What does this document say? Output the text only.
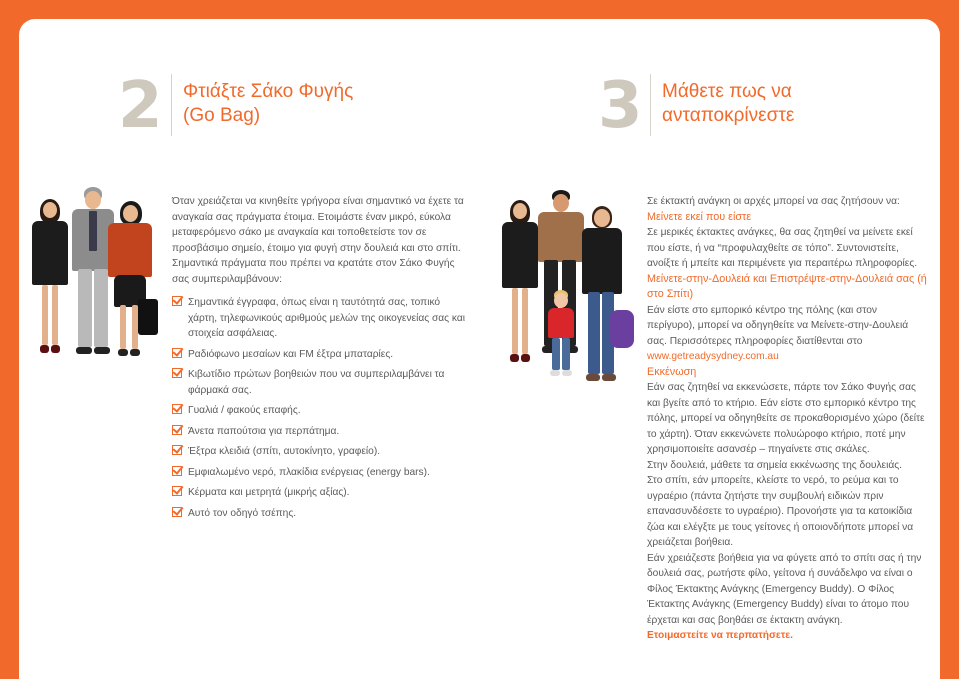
2 Φτιάξτε Σάκο Φυγής
(Go Bag)

Όταν χρειάζεται να κινηθείτε γρήγορα είναι σημαντικό να έχετε τα αναγκαία σας πράγματα έτοιμα. Ετοιμάστε έναν μικρό, εύκολα μεταφερόμενο σάκο με αναγκαία και τοποθετείστε τον σε προσβάσιμο σημείο, έτοιμο για φυγή στην δουλειά και στο σπίτι. Σημαντικά πράγματα που πρέπει να κρατάτε στον Σάκο Φυγής σας συμπεριλαμβάνουν:

Σημαντικά έγγραφα, όπως είναι η ταυτότητά σας, τοπικό χάρτη, τηλεφωνικούς αριθμούς μελών της οικογενείας σας και στοιχεία ασφάλειας.
Ραδιόφωνο μεσαίων και FM έξτρα μπαταρίες.
Κιβωτίδιο πρώτων βοηθειών που να συμπεριλαμβάνει τα φάρμακά σας.
Γυαλιά / φακούς επαφής.
Άνετα παπούτσια για περπάτημα.
Έξτρα κλειδιά (σπίτι, αυτοκίνητο, γραφείο).
Εμφιαλωμένο νερό, πλακίδια ενέργειας (energy bars).
Κέρματα και μετρητά (μικρής αξίας).
Αυτό τον οδηγό τσέπης.
3 Μάθετε πως να
ανταποκρίνεστε

Σε έκτακτή ανάγκη οι αρχές μπορεί να σας ζητήσουν να:

Μείνετε εκεί που είστε

Σε μερικές έκτακτες ανάγκες, θα σας ζητηθεί να μείνετε εκεί που είστε, ή να “προφυλαχθείτε σε τόπο”. Συντονιστείτε, ανοίξτε ή μπείτε και περιμένετε για περαιτέρω πληροφορίες.

Μείνετε-στην-Δουλειά και Επιστρέψτε-στην-Δουλειά σας (ή στο Σπίτι)

Εάν είστε στο εμπορικό κέντρο της πόλης (και στον περίγυρο), μπορεί να οδηγηθείτε να Μείνετε-στην-Δουλειά σας. Περισσότερες πληροφορίες διατίθενται στο www.getreadysydney.com.au

Εκκένωση

Εάν σας ζητηθεί να εκκενώσετε, πάρτε τον Σάκο Φυγής σας και βγείτε από το κτήριο. Εάν είστε στο εμπορικό κέντρο της πόλης, μπορεί να οδηγηθείτε σε προκαθορισμένο χώρο (δείτε το χάρτη). Όταν εκκενώνετε πολυώροφο κτήριο, ποτέ μην χρησιμοποιείτε ασανσέρ – πηγαίνετε στις σκάλες.

Στην δουλειά, μάθετε τα σημεία εκκένωσης της δουλειάς.

Στο σπίτι, εάν μπορείτε, κλείστε το νερό, το ρεύμα και το υγραέριο (πάντα ζητήστε την συμβουλή ειδικών πριν επανασυνδέσετε το υγραέριο). Προνοήστε για τα κατοικίδια ζώα και ελέγξτε με τους γείτονες ή οποιονδήποτε μπορεί να χρειάζεται βοήθεια.

Εάν χρειάζεστε βοήθεια για να φύγετε από το σπίτι σας ή την δουλειά σας, ρωτήστε φίλο, γείτονα ή συνάδελφο να είναι ο Φίλος Έκτακτης Ανάγκης (Emergency Buddy). Ο Φίλος Έκτακτης Ανάγκης (Emergency Buddy) είναι το άτομο που έρχεται και σας βοηθάει σε έκτακτη ανάγκη.

Ετοιμαστείτε να περπατήσετε.
